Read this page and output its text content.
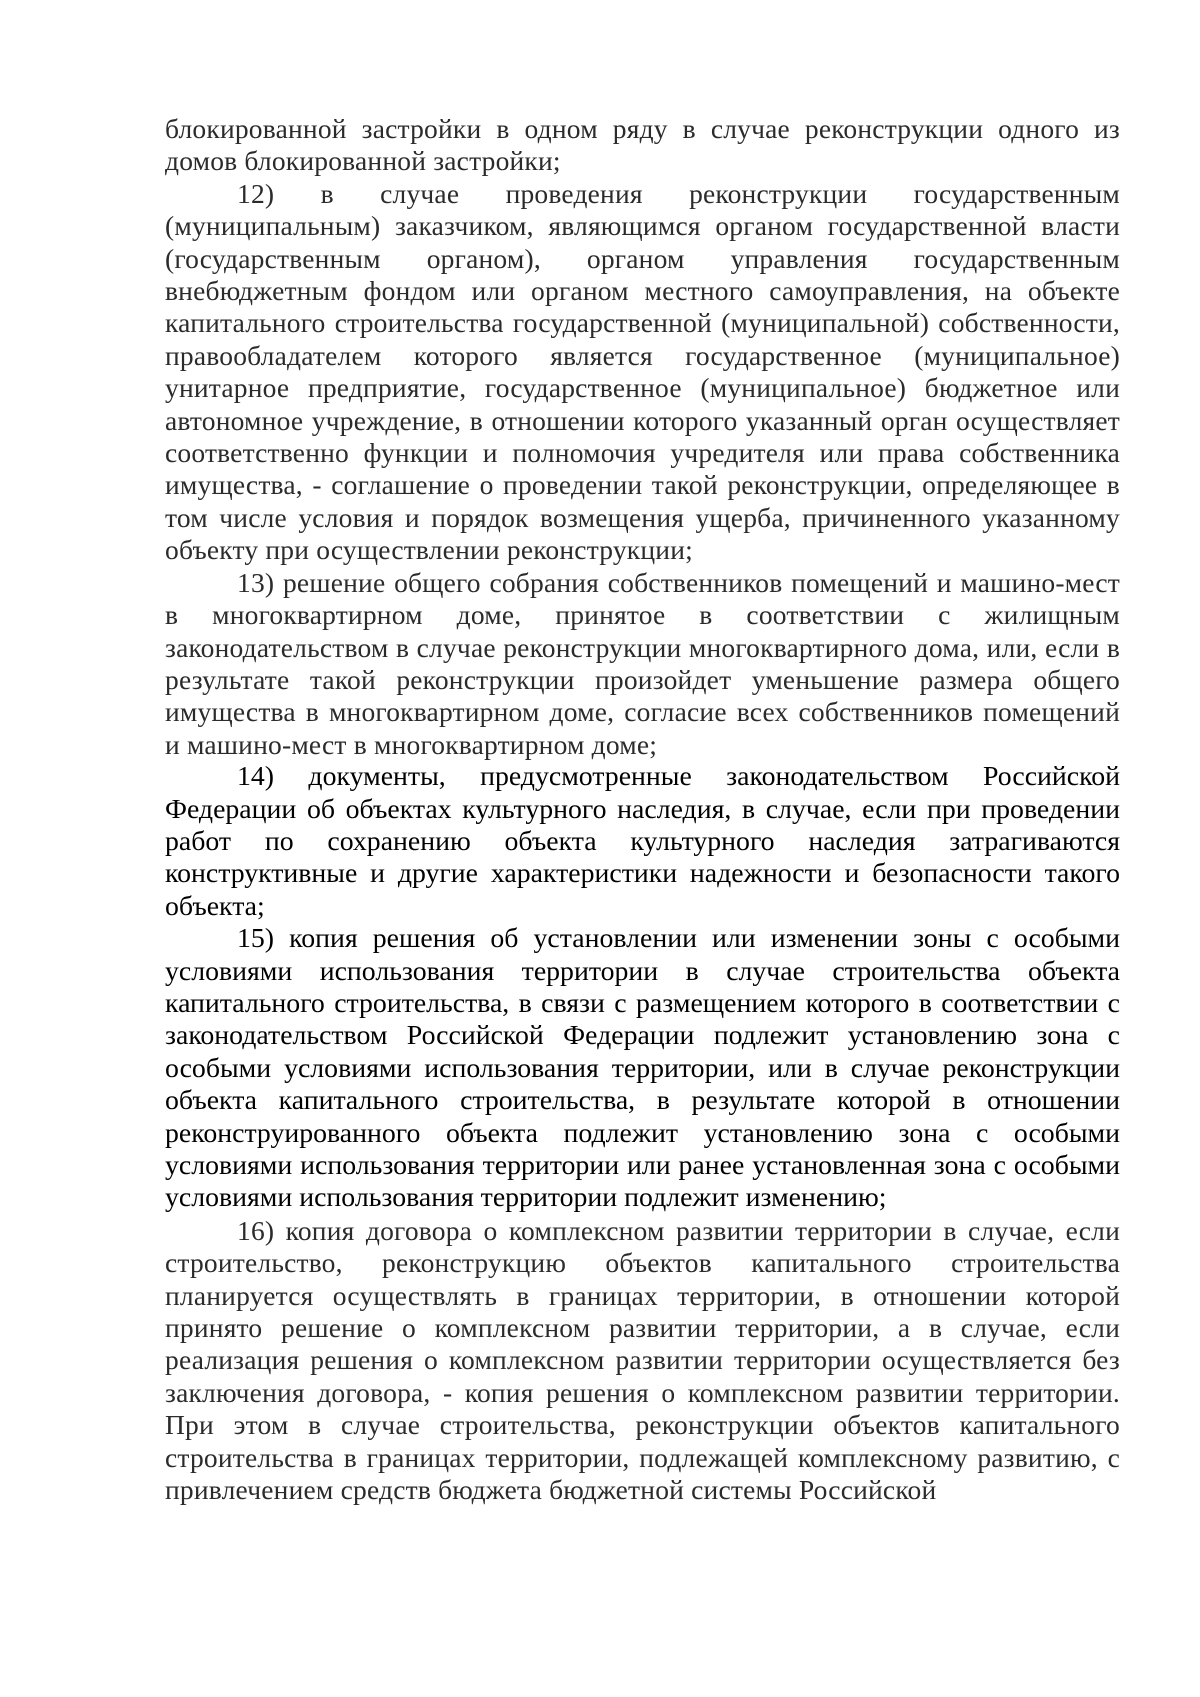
блокированной застройки в одном ряду в случае реконструкции одного из домов блокированной застройки;

12) в случае проведения реконструкции государственным (муниципальным) заказчиком, являющимся органом государственной власти (государственным органом), органом управления государственным внебюджетным фондом или органом местного самоуправления, на объекте капитального строительства государственной (муниципальной) собственности, правообладателем которого является государственное (муниципальное) унитарное предприятие, государственное (муниципальное) бюджетное или автономное учреждение, в отношении которого указанный орган осуществляет соответственно функции и полномочия учредителя или права собственника имущества, - соглашение о проведении такой реконструкции, определяющее в том числе условия и порядок возмещения ущерба, причиненного указанному объекту при осуществлении реконструкции;

13) решение общего собрания собственников помещений и машино-мест в многоквартирном доме, принятое в соответствии с жилищным законодательством в случае реконструкции многоквартирного дома, или, если в результате такой реконструкции произойдет уменьшение размера общего имущества в многоквартирном доме, согласие всех собственников помещений и машино-мест в многоквартирном доме;

14) документы, предусмотренные законодательством Российской Федерации об объектах культурного наследия, в случае, если при проведении работ по сохранению объекта культурного наследия затрагиваются конструктивные и другие характеристики надежности и безопасности такого объекта;

15) копия решения об установлении или изменении зоны с особыми условиями использования территории в случае строительства объекта капитального строительства, в связи с размещением которого в соответствии с законодательством Российской Федерации подлежит установлению зона с особыми условиями использования территории, или в случае реконструкции объекта капитального строительства, в результате которой в отношении реконструированного объекта подлежит установлению зона с особыми условиями использования территории или ранее установленная зона с особыми условиями использования территории подлежит изменению;

16) копия договора о комплексном развитии территории в случае, если строительство, реконструкцию объектов капитального строительства планируется осуществлять в границах территории, в отношении которой принято решение о комплексном развитии территории, а в случае, если реализация решения о комплексном развитии территории осуществляется без заключения договора, - копия решения о комплексном развитии территории. При этом в случае строительства, реконструкции объектов капитального строительства в границах территории, подлежащей комплексному развитию, с привлечением средств бюджета бюджетной системы Российской
